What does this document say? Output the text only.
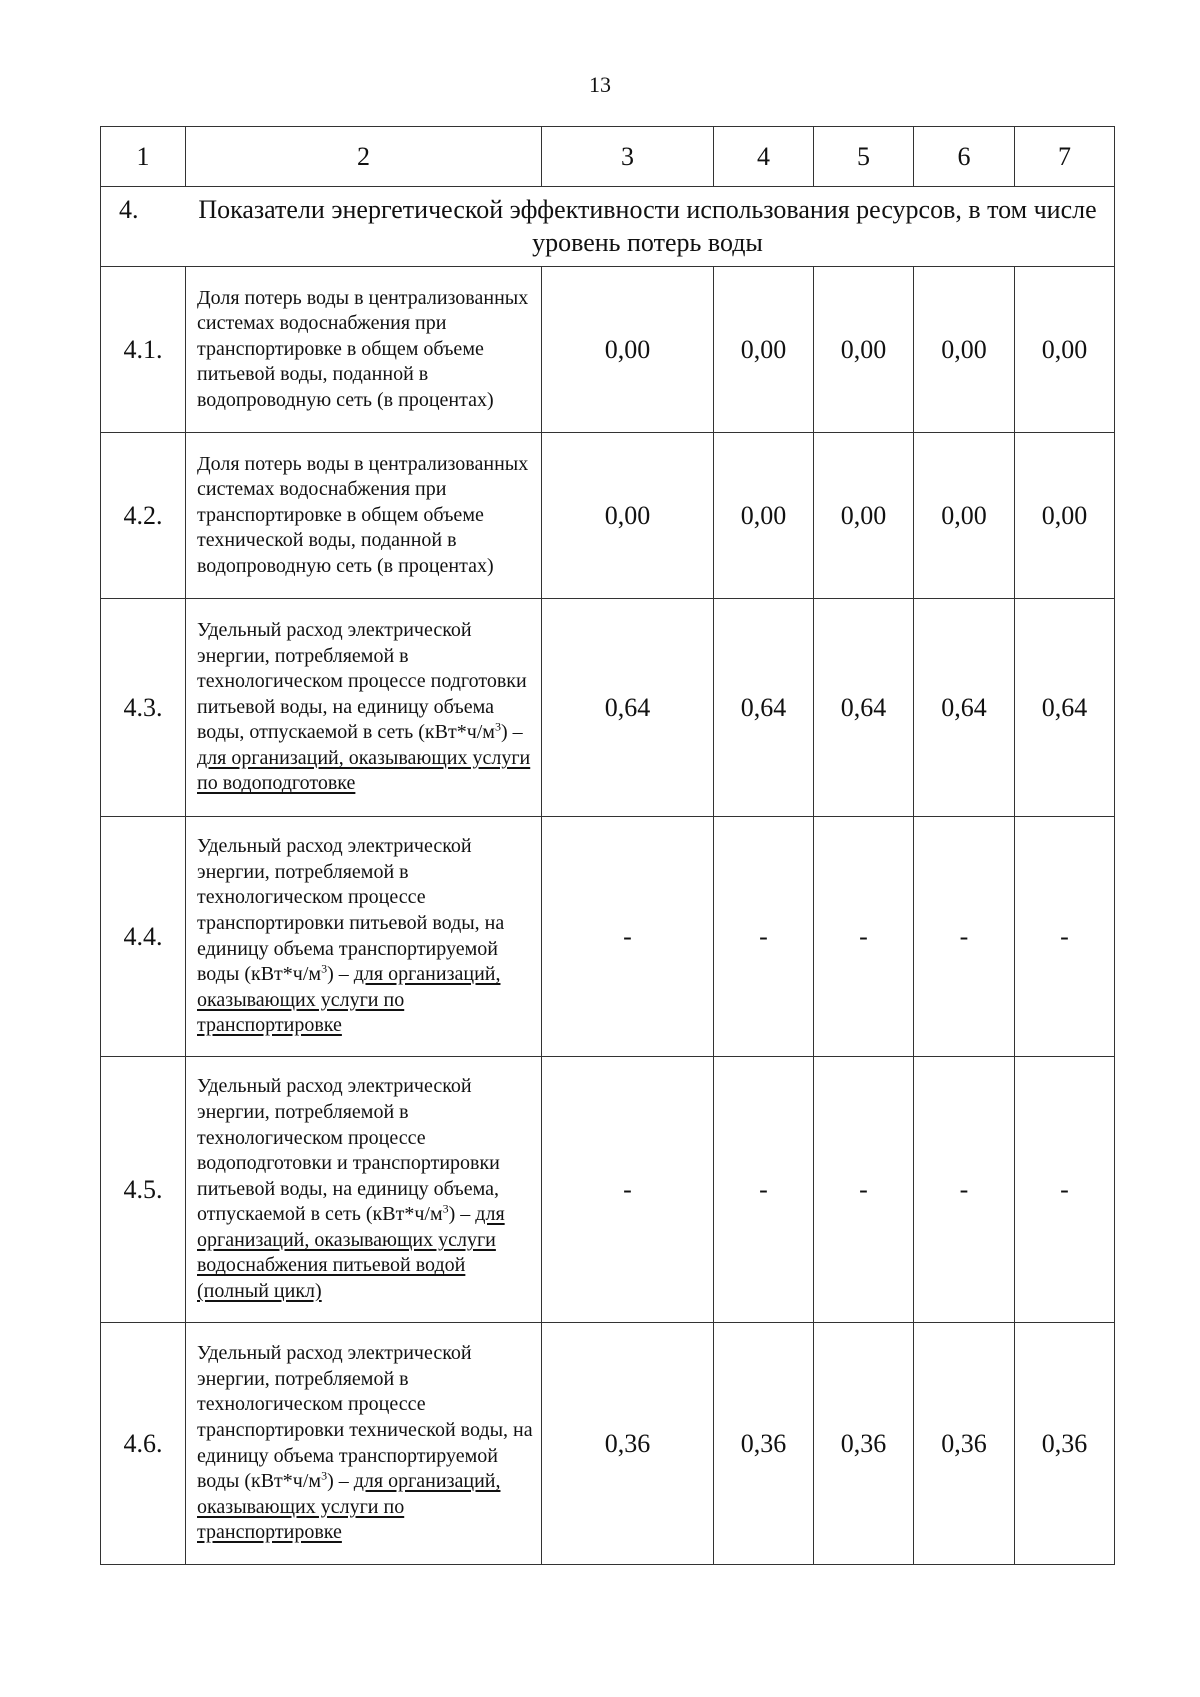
13
1	2	3	4	5	6	7

4. Показатели энергетической эффективности использования ресурсов, в том числе уровень потерь воды						

4.1.	Доля потерь воды в централизованных системах водоснабжения при транспортировке в общем объеме питьевой воды, поданной в водопроводную сеть (в процентах)	0,00	0,00	0,00	0,00	0,00
4.2.	Доля потерь воды в централизованных системах водоснабжения при транспортировке в общем объеме технической воды, поданной в водопроводную сеть (в процентах)	0,00	0,00	0,00	0,00	0,00
4.3.	Удельный расход электрической энергии, потребляемой в технологическом процессе подготовки питьевой воды, на единицу объема воды, отпускаемой в сеть $(кВт*ч/м^3)$ – для организаций, оказывающих услуги по водоподготовке	0,64	0,64	0,64	0,64	0,64
4.4.	Удельный расход электрической энергии, потребляемой в технологическом процессе транспортировки питьевой воды, на единицу объема транспортируемой воды $(кВт*ч/м^3)$ – для организаций, оказывающих услуги по транспортировке	-	-	-	-	-
4.5.	Удельный расход электрической энергии, потребляемой в технологическом процессе водоподготовки и транспортировки питьевой воды, на единицу объема, отпускаемой в сеть $(кВт*ч/м^3)$ – для организаций, оказывающих услуги водоснабжения питьевой водой (полный цикл)	-	-	-	-	-
4.6.	Удельный расход электрической энергии, потребляемой в технологическом процессе транспортировки технической воды, на единицу объема транспортируемой воды $(кВт*ч/м^3)$ – для организаций, оказывающих услуги по транспортировке	0,36	0,36	0,36	0,36	0,36
